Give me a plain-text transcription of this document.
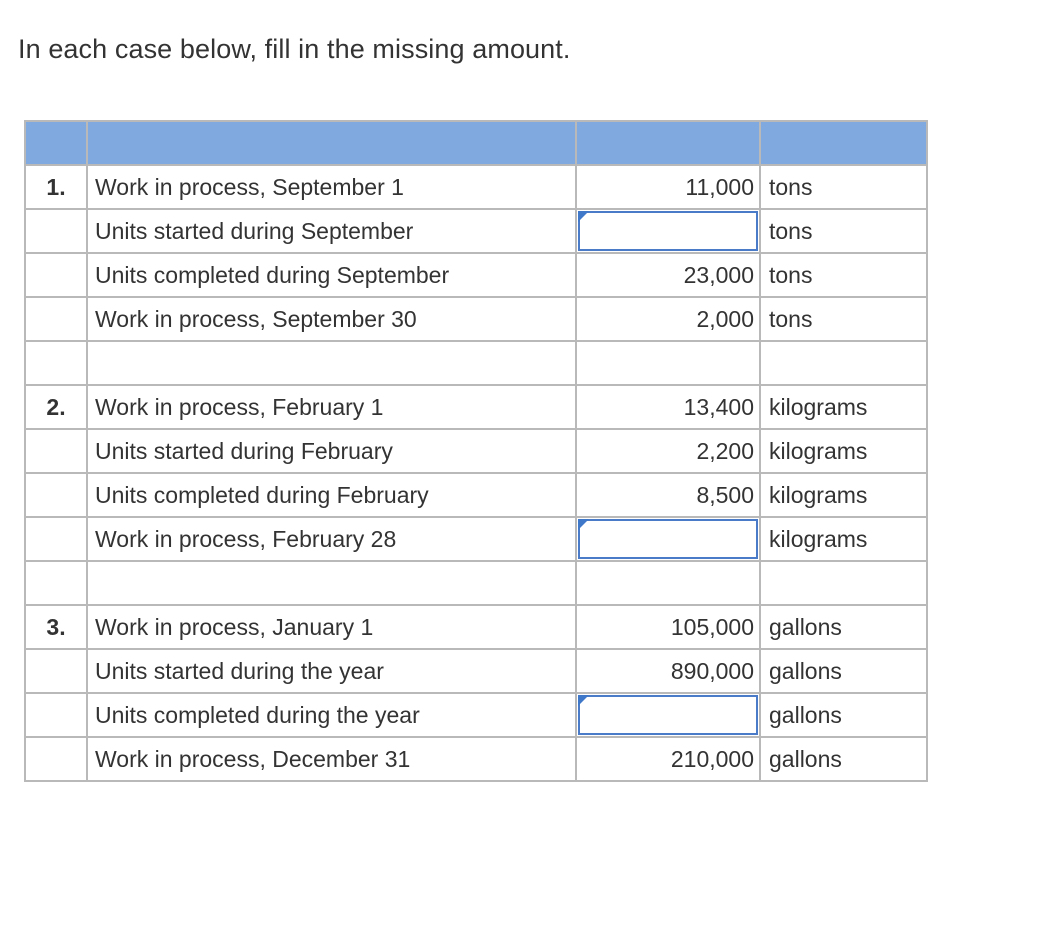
In each case below, fill in the missing amount.

1.	Work in process, September 1	11,000	tons
	Units started during September		tons
	Units completed during September	23,000	tons
	Work in process, September 30	2,000	tons

2.	Work in process, February 1	13,400	kilograms
	Units started during February	2,200	kilograms
	Units completed during February	8,500	kilograms
	Work in process, February 28		kilograms

3.	Work in process, January 1	105,000	gallons
	Units started during the year	890,000	gallons
	Units completed during the year		gallons
	Work in process, December 31	210,000	gallons
